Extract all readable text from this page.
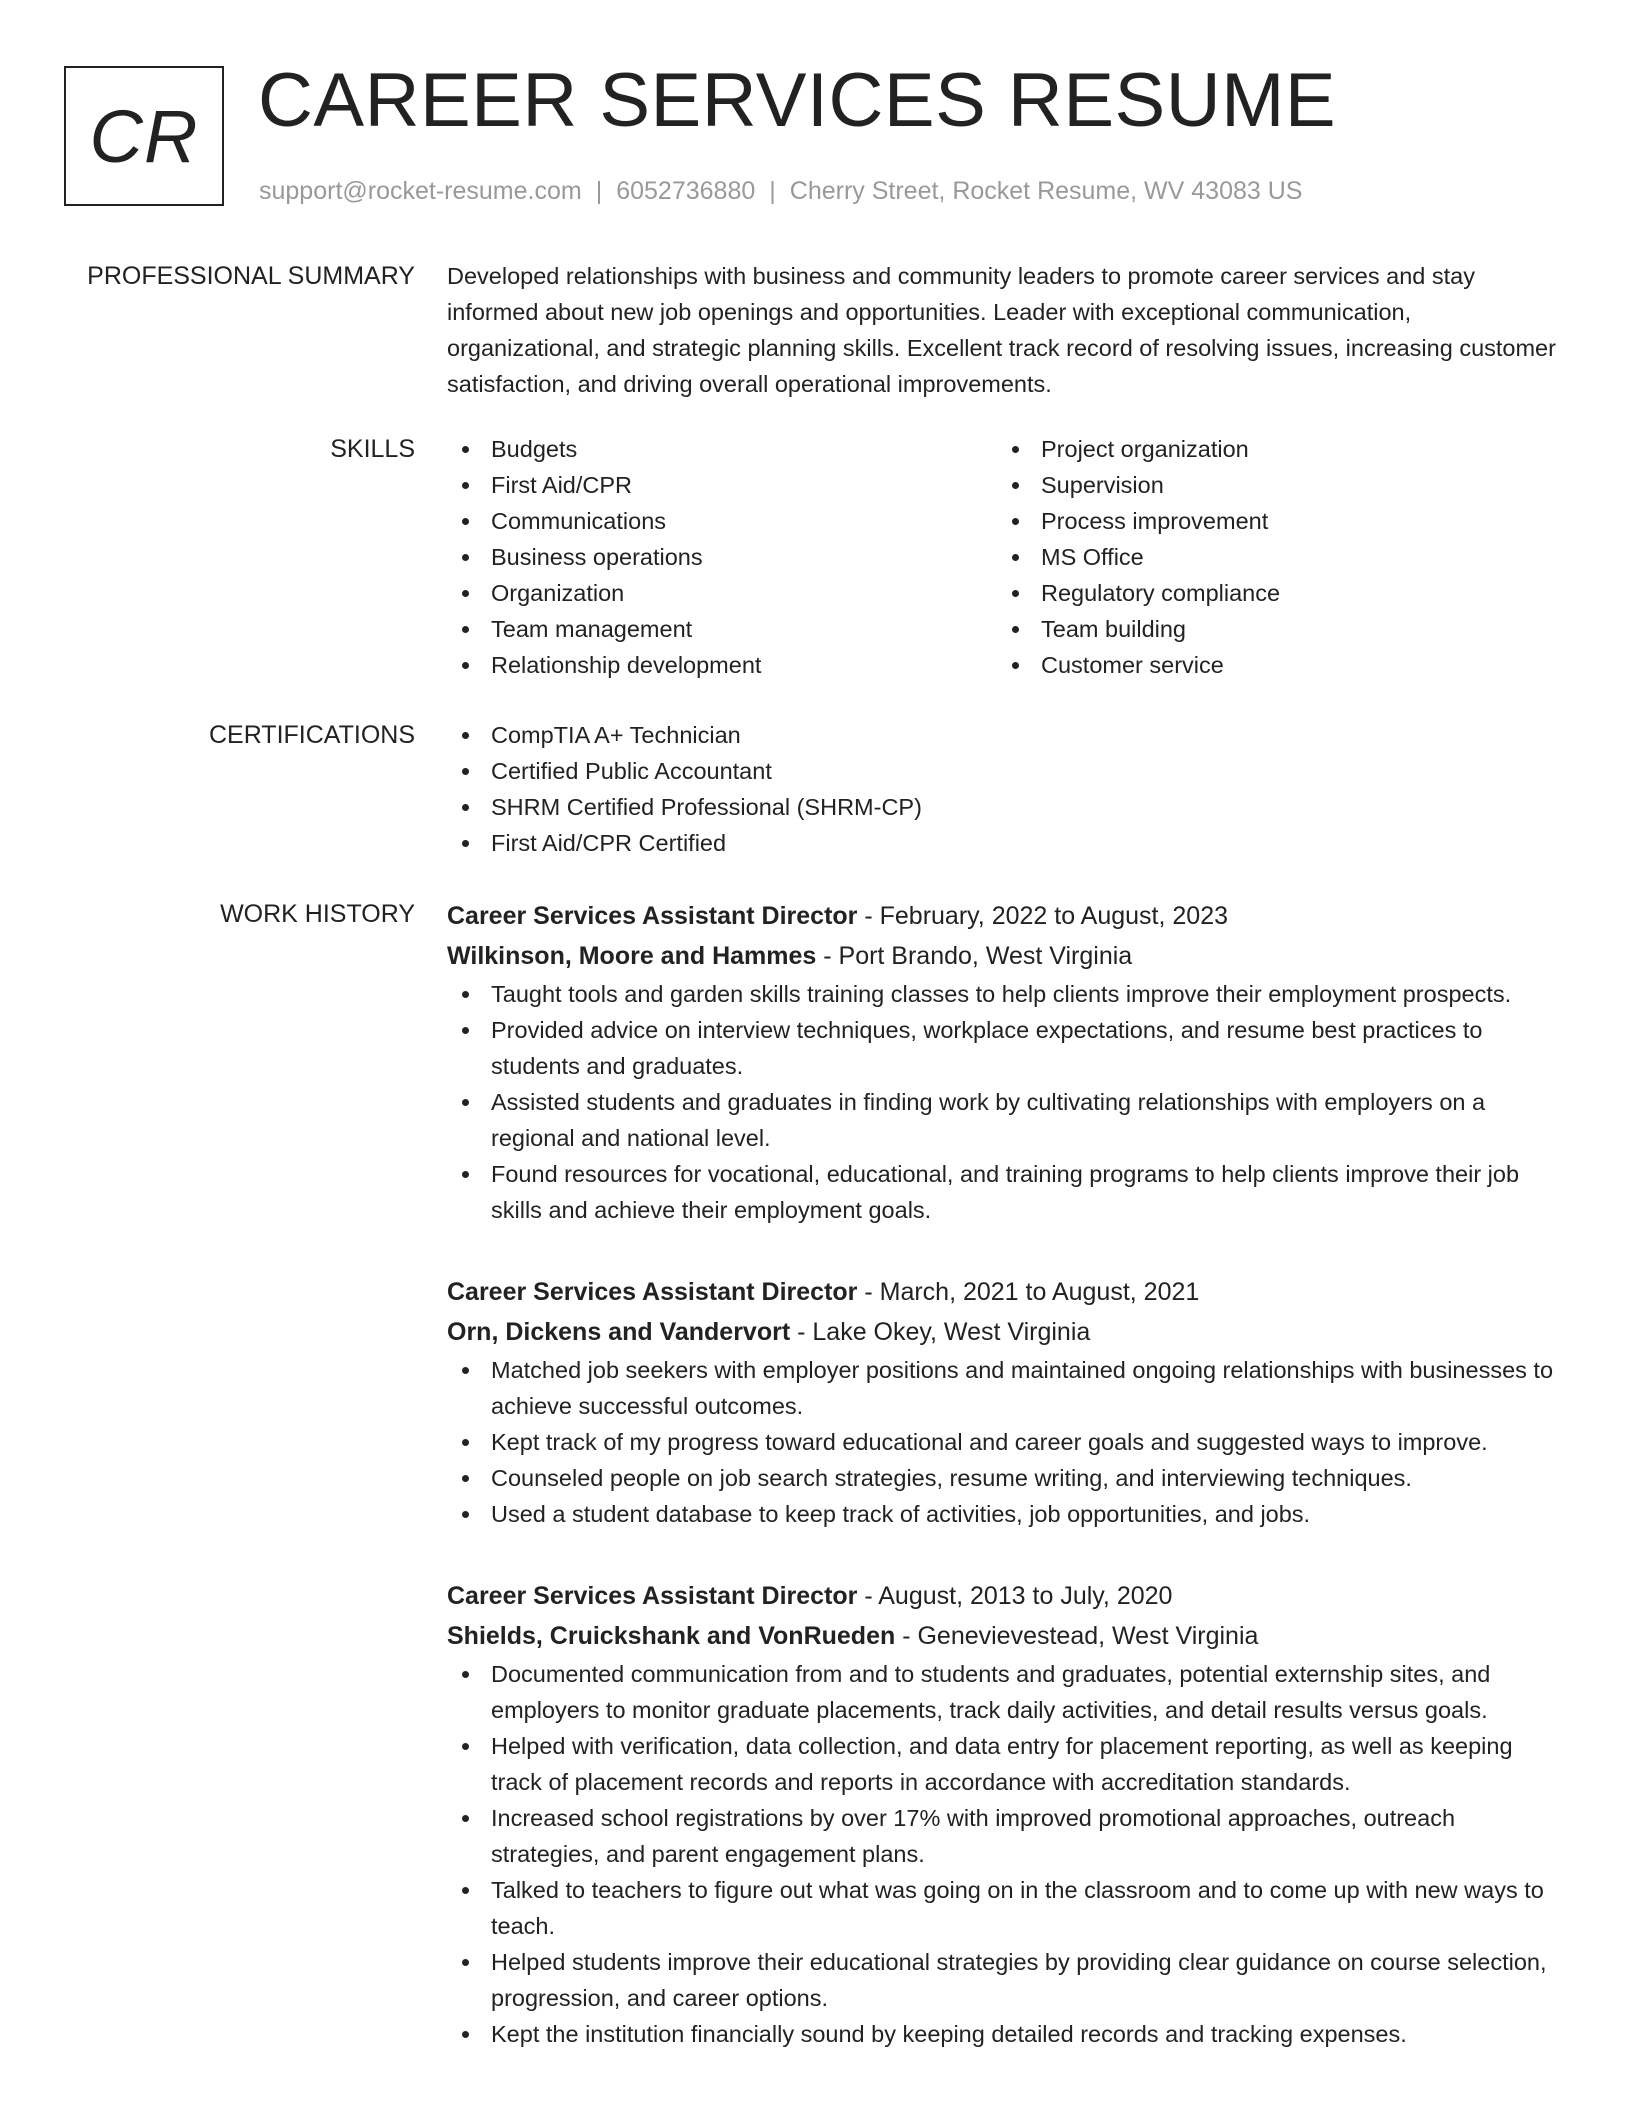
CR CAREER SERVICES RESUME
support@rocket-resume.com | 6052736880 | Cherry Street, Rocket Resume, WV 43083 US
PROFESSIONAL SUMMARY Developed relationships with business and community leaders to promote career services and stay informed about new job openings and opportunities. Leader with exceptional communication, organizational, and strategic planning skills. Excellent track record of resolving issues, increasing customer satisfaction, and driving overall operational improvements.

SKILLS	Budgets
First Aid/CPR
Communications
Business operations
Organization
Team management
Relationship development
Project organization
Supervision
Process improvement
MS Office
Regulatory compliance
Team building
Customer service
CERTIFICATIONS	CompTIA A+ Technician
Certified Public Accountant
SHRM Certified Professional (SHRM-CP)
First Aid/CPR Certified
WORK HISTORY Career Services Assistant Director - February, 2022 to August, 2023
Wilkinson, Moore and Hammes - Port Brando, West Virginia
Taught tools and garden skills training classes to help clients improve their employment prospects.
Provided advice on interview techniques, workplace expectations, and resume best practices to students and graduates.
Assisted students and graduates in finding work by cultivating relationships with employers on a regional and national level.
Found resources for vocational, educational, and training programs to help clients improve their job skills and achieve their employment goals.
Career Services Assistant Director - March, 2021 to August, 2021
Orn, Dickens and Vandervort - Lake Okey, West Virginia
Matched job seekers with employer positions and maintained ongoing relationships with businesses to achieve successful outcomes.
Kept track of my progress toward educational and career goals and suggested ways to improve.
Counseled people on job search strategies, resume writing, and interviewing techniques.
Used a student database to keep track of activities, job opportunities, and jobs.
Career Services Assistant Director - August, 2013 to July, 2020
Shields, Cruickshank and VonRueden - Genevievestead, West Virginia
Documented communication from and to students and graduates, potential externship sites, and employers to monitor graduate placements, track daily activities, and detail results versus goals.
Helped with verification, data collection, and data entry for placement reporting, as well as keeping track of placement records and reports in accordance with accreditation standards.
Increased school registrations by over 17% with improved promotional approaches, outreach strategies, and parent engagement plans.
Talked to teachers to figure out what was going on in the classroom and to come up with new ways to teach.
Helped students improve their educational strategies by providing clear guidance on course selection, progression, and career options.
Kept the institution financially sound by keeping detailed records and tracking expenses.
